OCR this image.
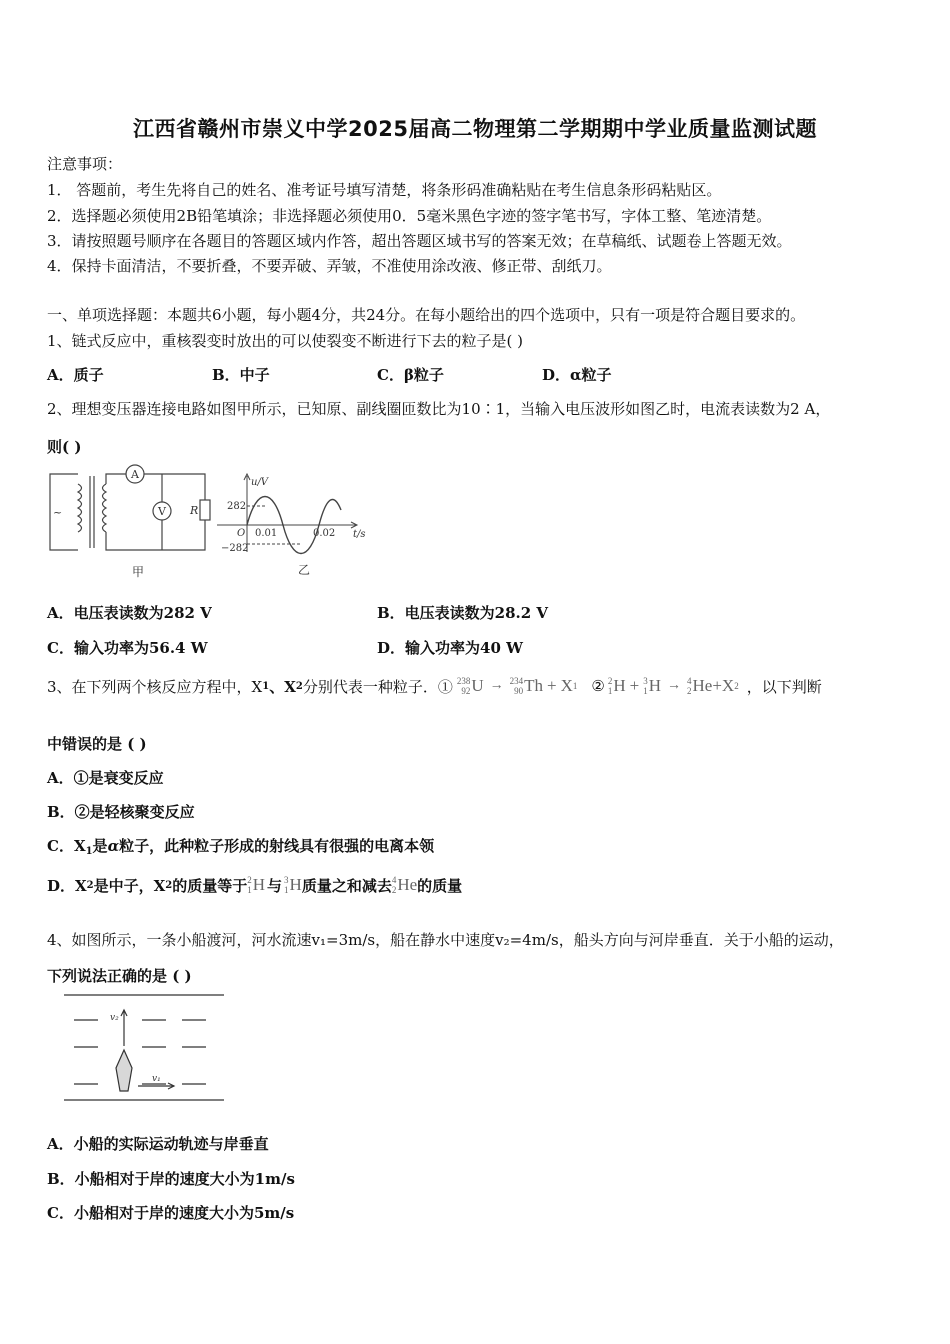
江西省赣州市崇义中学2025届高二物理第二学期期中学业质量监测试题
注意事项：
1． 答题前，考生先将自己的姓名、准考证号填写清楚，将条形码准确粘贴在考生信息条形码粘贴区。
2．选择题必须使用2B铅笔填涂；非选择题必须使用0．5毫米黑色字迹的签字笔书写，字体工整、笔迹清楚。
3．请按照题号顺序在各题目的答题区域内作答，超出答题区域书写的答案无效；在草稿纸、试题卷上答题无效。
4．保持卡面清洁，不要折叠，不要弄破、弄皱，不准使用涂改液、修正带、刮纸刀。
一、单项选择题：本题共6小题，每小题4分，共24分。在每小题给出的四个选项中，只有一项是符合题目要求的。
1、链式反应中，重核裂变时放出的可以使裂变不断进行下去的粒子是( )
A．质子	B．中子	C．β粒子	D．α粒子
2、理想变压器连接电路如图甲所示，已知原、副线圈匝数比为10∶1，当输入电压波形如图乙时，电流表读数为2 A，
则( )
A
V R
~
甲
u/V
t/s
282
−282
O 0.01	0.02
乙
A．电压表读数为282 V	B．电压表读数为28.2 V
C．输入功率为56.4 W	D．输入功率为40 W
3、在下列两个核反应方程中，X 1 、X 2 分别代表一种粒子．① 238
92 U → 234
90 Th + X 1 ② 2
1 H + 3
1 H → 4
2 He +X 2 ，以下判断
中错误的是 ( )
A．①是衰变反应
B．②是轻核聚变反应
C．$X_1$是α粒子，此种粒子形成的射线具有很强的电离本领
D．X 2 是中子，X 2 的质量等于 2
1 H 与 3
1 H 质量之和减去 4
2 He 的质量
4、如图所示，一条小船渡河，河水流速v₁=3m/s，船在静水中速度v₂=4m/s，船头方向与河岸垂直．关于小船的运动，
下列说法正确的是 ( )
v₂
v₁
A．小船的实际运动轨迹与岸垂直
B．小船相对于岸的速度大小为1m/s
C．小船相对于岸的速度大小为5m/s
